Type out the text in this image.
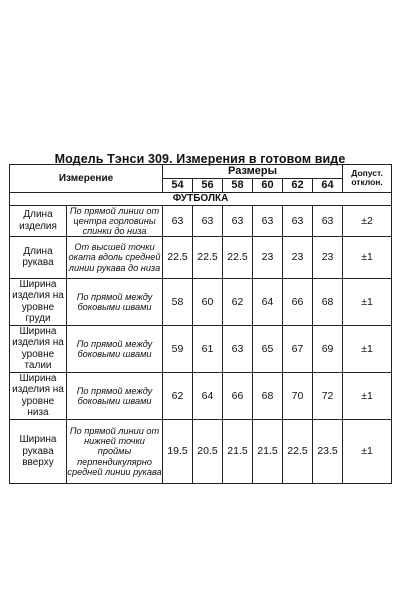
Модель Тэнси 309. Измерения в готовом виде
Измерение		Размеры						Допуст. отклон.
		54	56	58	60	62	64	
ФУТБОЛКА								
Длина изделия	По прямой линии от центра горловины спинки до низа	63	63	63	63	63	63	±2
Длина рукава	От высшей точки оката вдоль средней линии рукава до низа	22.5	22.5	22.5	23	23	23	±1
Ширина изделия на уровне груди	По прямой между боковыми швами	58	60	62	64	66	68	±1
Ширина изделия на уровне талии	По прямой между боковыми швами	59	61	63	65	67	69	±1
Ширина изделия на уровне низа	По прямой между боковыми швами	62	64	66	68	70	72	±1
Ширина рукава вверху	По прямой линии от нижней точки проймы перпендикулярно средней линии рукава	19.5	20.5	21.5	21.5	22.5	23.5	±1
